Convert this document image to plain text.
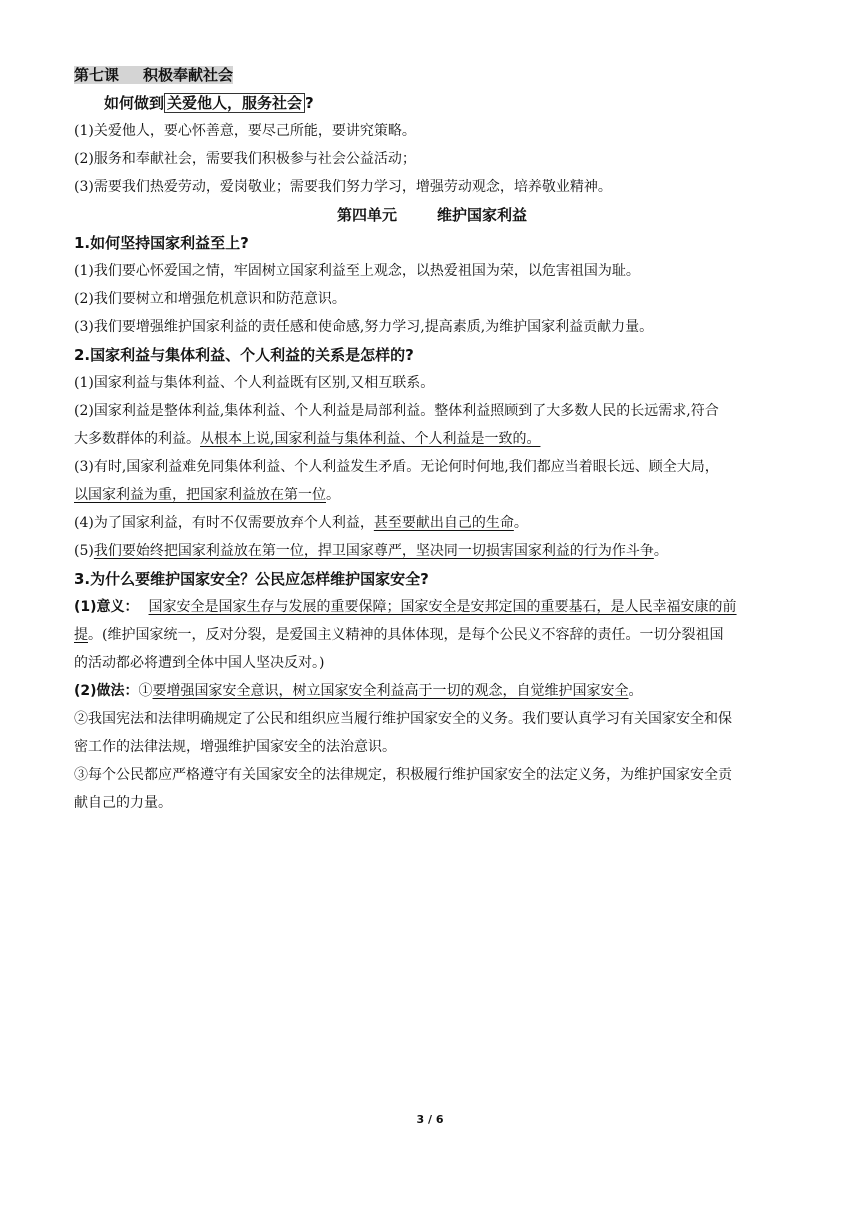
第七课 积极奉献社会
如何做到 关爱他人，服务社会 ?
(1)关爱他人，要心怀善意，要尽己所能，要讲究策略。
(2)服务和奉献社会，需要我们积极参与社会公益活动；
(3)需要我们热爱劳动，爱岗敬业；需要我们努力学习，增强劳动观念，培养敬业精神。
第四单元	维护国家利益
1.如何坚持国家利益至上?
(1)我们要心怀爱国之情，牢固树立国家利益至上观念，以热爱祖国为荣，以危害祖国为耻。
(2)我们要树立和增强危机意识和防范意识。
(3)我们要增强维护国家利益的责任感和使命感,努力学习,提高素质,为维护国家利益贡献力量。
2.国家利益与集体利益、个人利益的关系是怎样的?
(1)国家利益与集体利益、个人利益既有区别,又相互联系。
(2)国家利益是整体利益,集体利益、个人利益是局部利益。整体利益照顾到了大多数人民的长远需求,符合
大多数群体的利益。从根本上说,国家利益与集体利益、个人利益是一致的。
(3)有时,国家利益难免同集体利益、个人利益发生矛盾。无论何时何地,我们都应当着眼长远、顾全大局，
以国家利益为重，把国家利益放在第一位。
(4)为了国家利益，有时不仅需要放弃个人利益，甚至要献出自己的生命。
(5)我们要始终把国家利益放在第一位，捍卫国家尊严，坚决同一切损害国家利益的行为作斗争。
3.为什么要维护国家安全？公民应怎样维护国家安全?
(1)意义： 国家安全是国家生存与发展的重要保障；国家安全是安邦定国的重要基石，是人民幸福安康的前
提。(维护国家统一，反对分裂，是爱国主义精神的具体体现，是每个公民义不容辞的责任。一切分裂祖国
的活动都必将遭到全体中国人坚决反对。)
(2)做法：①要增强国家安全意识，树立国家安全利益高于一切的观念，自觉维护国家安全。
②我国宪法和法律明确规定了公民和组织应当履行维护国家安全的义务。我们要认真学习有关国家安全和保
密工作的法律法规，增强维护国家安全的法治意识。
③每个公民都应严格遵守有关国家安全的法律规定，积极履行维护国家安全的法定义务，为维护国家安全贡
献自己的力量。
3 / 6
